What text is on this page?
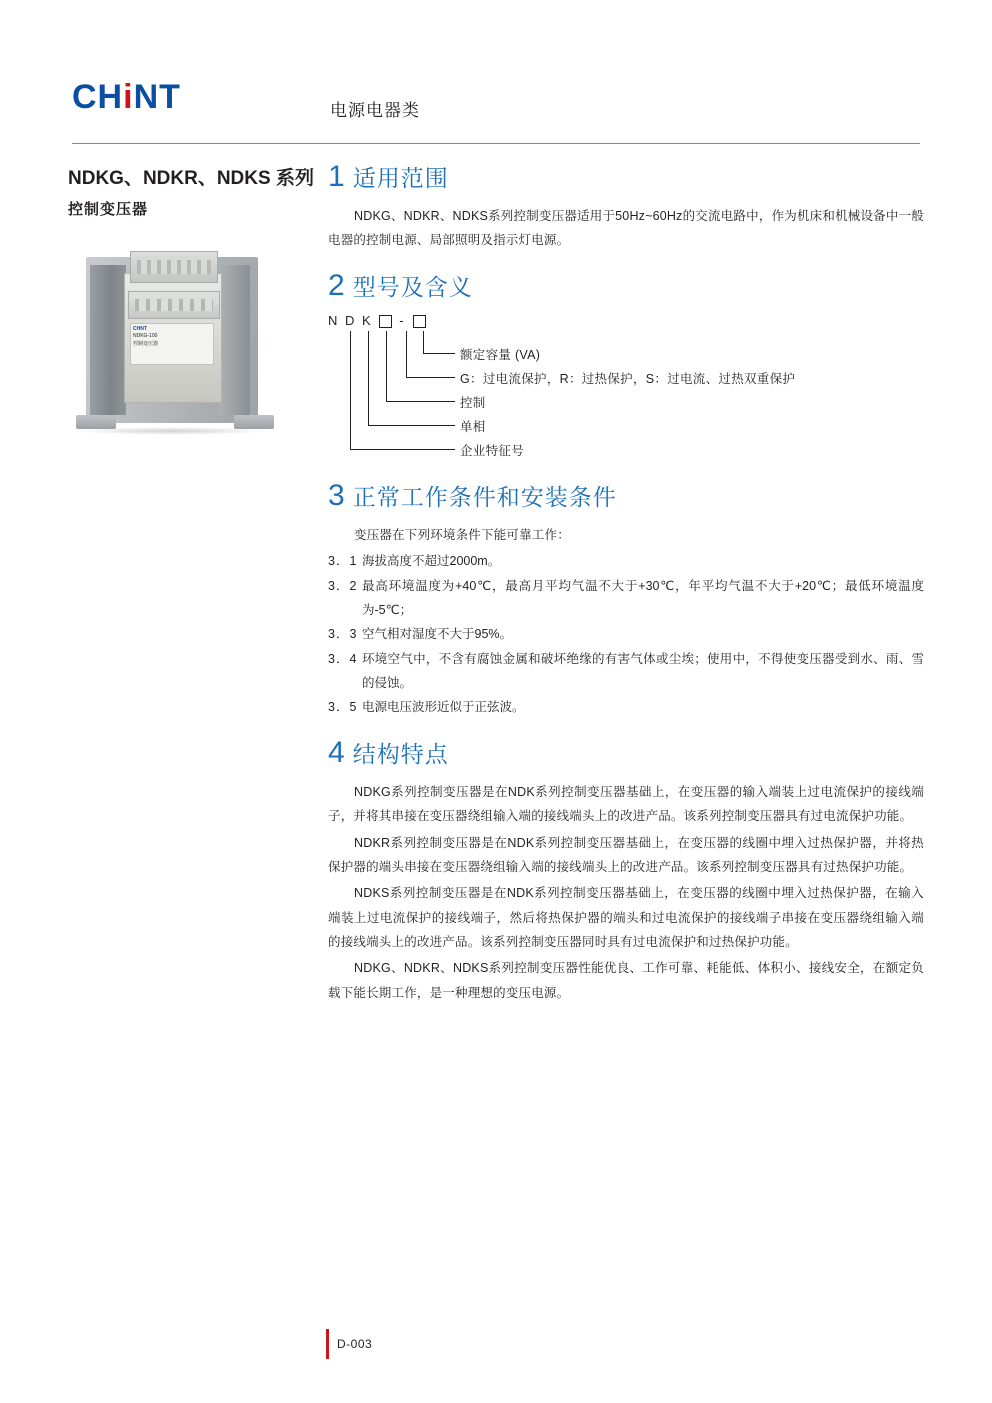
CHiNT	电源电器类
NDKG、NDKR、NDKS 系列
控制变压器
CHNT
NDKG-100
控制变压器
1 适用范围

NDKG、NDKR、NDKS系列控制变压器适用于50Hz~60Hz的交流电路中，作为机床和机械设备中一般电器的控制电源、局部照明及指示灯电源。

2 型号及含义
N D K -
额定容量 (VA)
G：过电流保护，R：过热保护，S：过电流、过热双重保护
控制
单相
企业特征号
3 正常工作条件和安装条件

变压器在下列环境条件下能可靠工作：

3．1 海拔高度不超过2000m。
3．2 最高环境温度为+40℃，最高月平均气温不大于+30℃，年平均气温不大于+20℃；最低环境温度为-5℃；
3．3 空气相对湿度不大于95%。
3．4 环境空气中，不含有腐蚀金属和破坏绝缘的有害气体或尘埃；使用中，不得使变压器受到水、雨、雪的侵蚀。
3．5 电源电压波形近似于正弦波。
4 结构特点

NDKG系列控制变压器是在NDK系列控制变压器基础上，在变压器的输入端装上过电流保护的接线端子，并将其串接在变压器绕组输入端的接线端头上的改进产品。该系列控制变压器具有过电流保护功能。

NDKR系列控制变压器是在NDK系列控制变压器基础上，在变压器的线圈中埋入过热保护器，并将热保护器的端头串接在变压器绕组输入端的接线端头上的改进产品。该系列控制变压器具有过热保护功能。

NDKS系列控制变压器是在NDK系列控制变压器基础上，在变压器的线圈中埋入过热保护器，在输入端装上过电流保护的接线端子，然后将热保护器的端头和过电流保护的接线端子串接在变压器绕组输入端的接线端头上的改进产品。该系列控制变压器同时具有过电流保护和过热保护功能。

NDKG、NDKR、NDKS系列控制变压器性能优良、工作可靠、耗能低、体积小、接线安全，在额定负载下能长期工作，是一种理想的变压电源。

D-003
